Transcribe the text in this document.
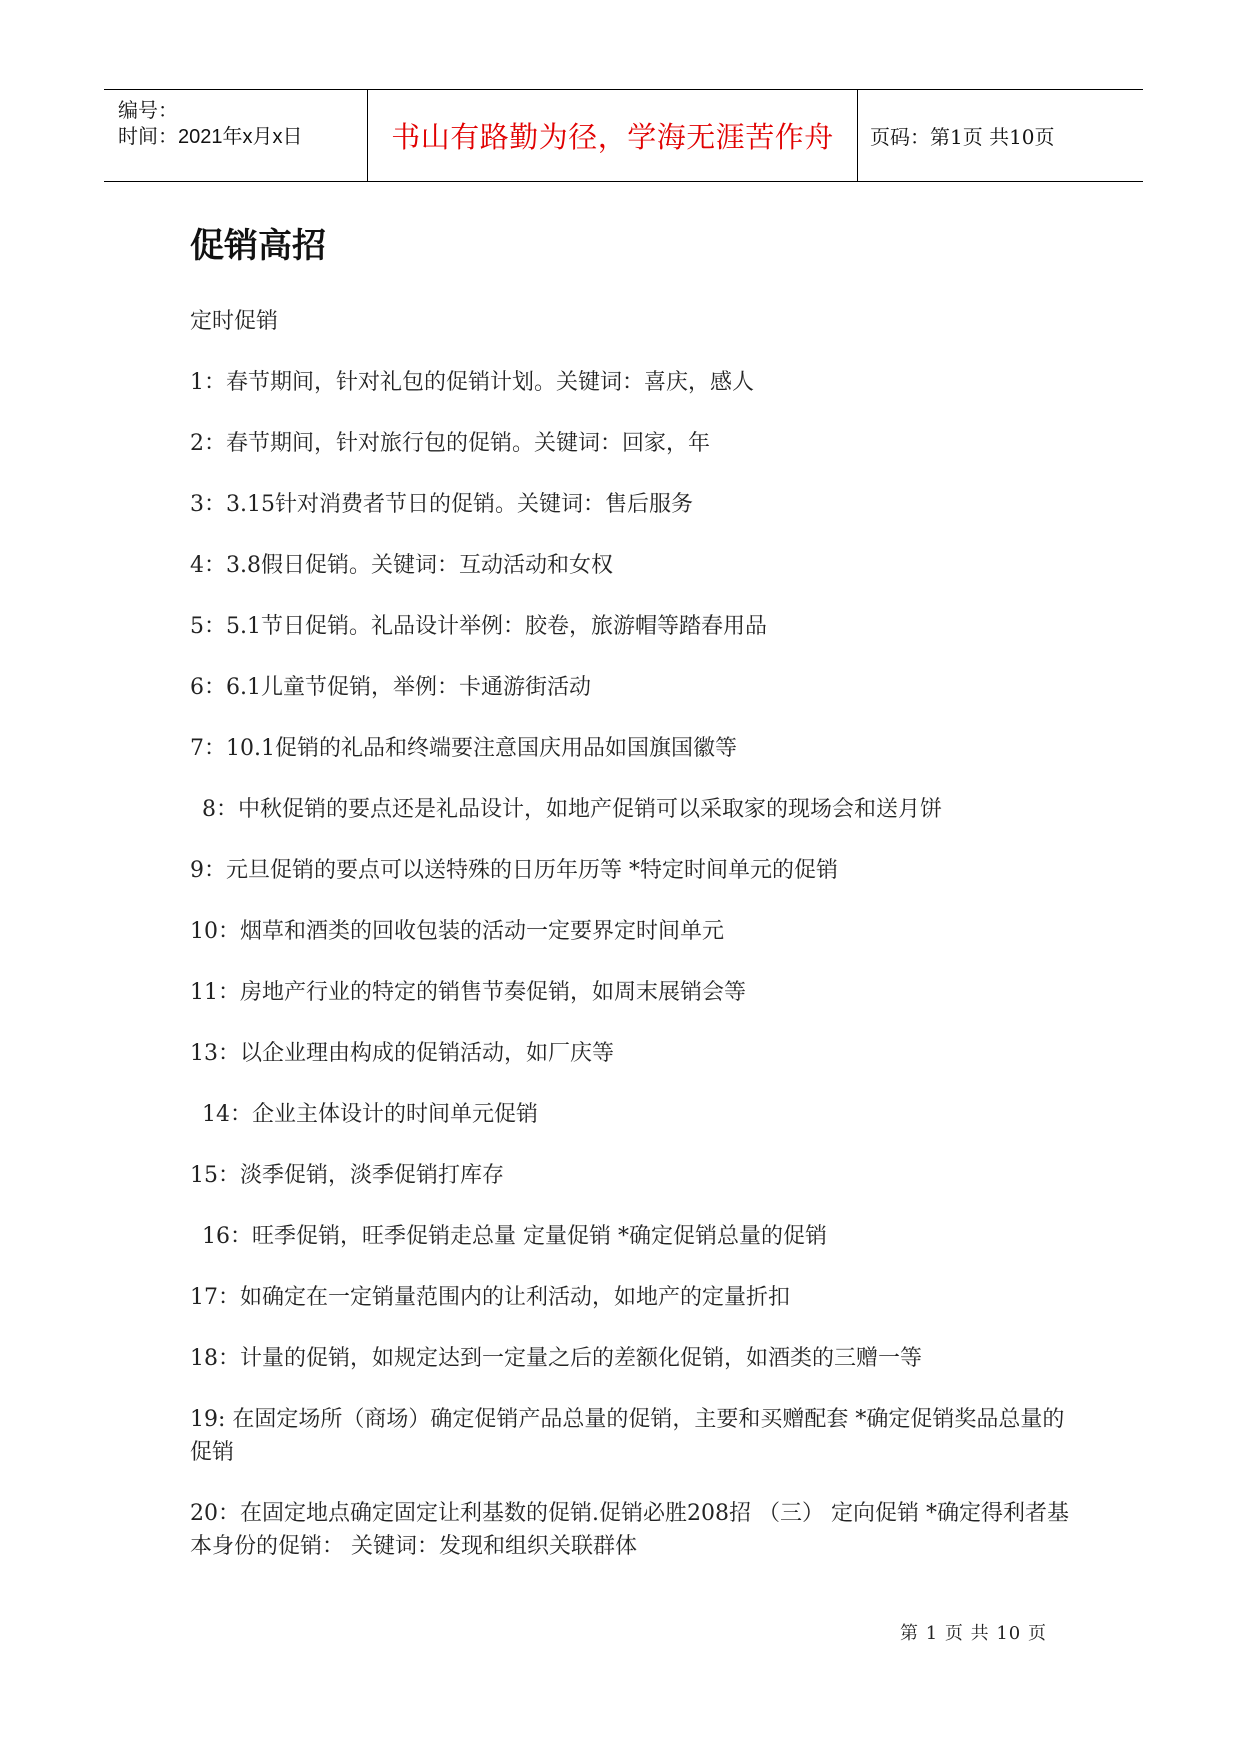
编号：
时间：2021年x月x日	书山有路勤为径，学海无涯苦作舟	页码：第1页 共10页
促销高招

定时促销

1：春节期间，针对礼包的促销计划。关键词：喜庆，感人

2：春节期间，针对旅行包的促销。关键词：回家，年

3：3.15针对消费者节日的促销。关键词：售后服务

4：3.8假日促销。关键词：互动活动和女权

5：5.1节日促销。礼品设计举例：胶卷，旅游帽等踏春用品

6：6.1儿童节促销，举例：卡通游街活动

7：10.1促销的礼品和终端要注意国庆用品如国旗国徽等

8：中秋促销的要点还是礼品设计，如地产促销可以采取家的现场会和送月饼

9：元旦促销的要点可以送特殊的日历年历等 *特定时间单元的促销

10：烟草和酒类的回收包装的活动一定要界定时间单元

11：房地产行业的特定的销售节奏促销，如周末展销会等

13：以企业理由构成的促销活动，如厂庆等

14：企业主体设计的时间单元促销

15：淡季促销，淡季促销打库存

16：旺季促销，旺季促销走总量 定量促销 *确定促销总量的促销

17：如确定在一定销量范围内的让利活动，如地产的定量折扣

18：计量的促销，如规定达到一定量之后的差额化促销，如酒类的三赠一等

19: 在固定场所（商场）确定促销产品总量的促销，主要和买赠配套 *确定促销奖品总量的促销

20：在固定地点确定固定让利基数的促销.促销必胜208招 （三） 定向促销 *确定得利者基本身份的促销： 关键词：发现和组织关联群体

第 1 页 共 10 页
